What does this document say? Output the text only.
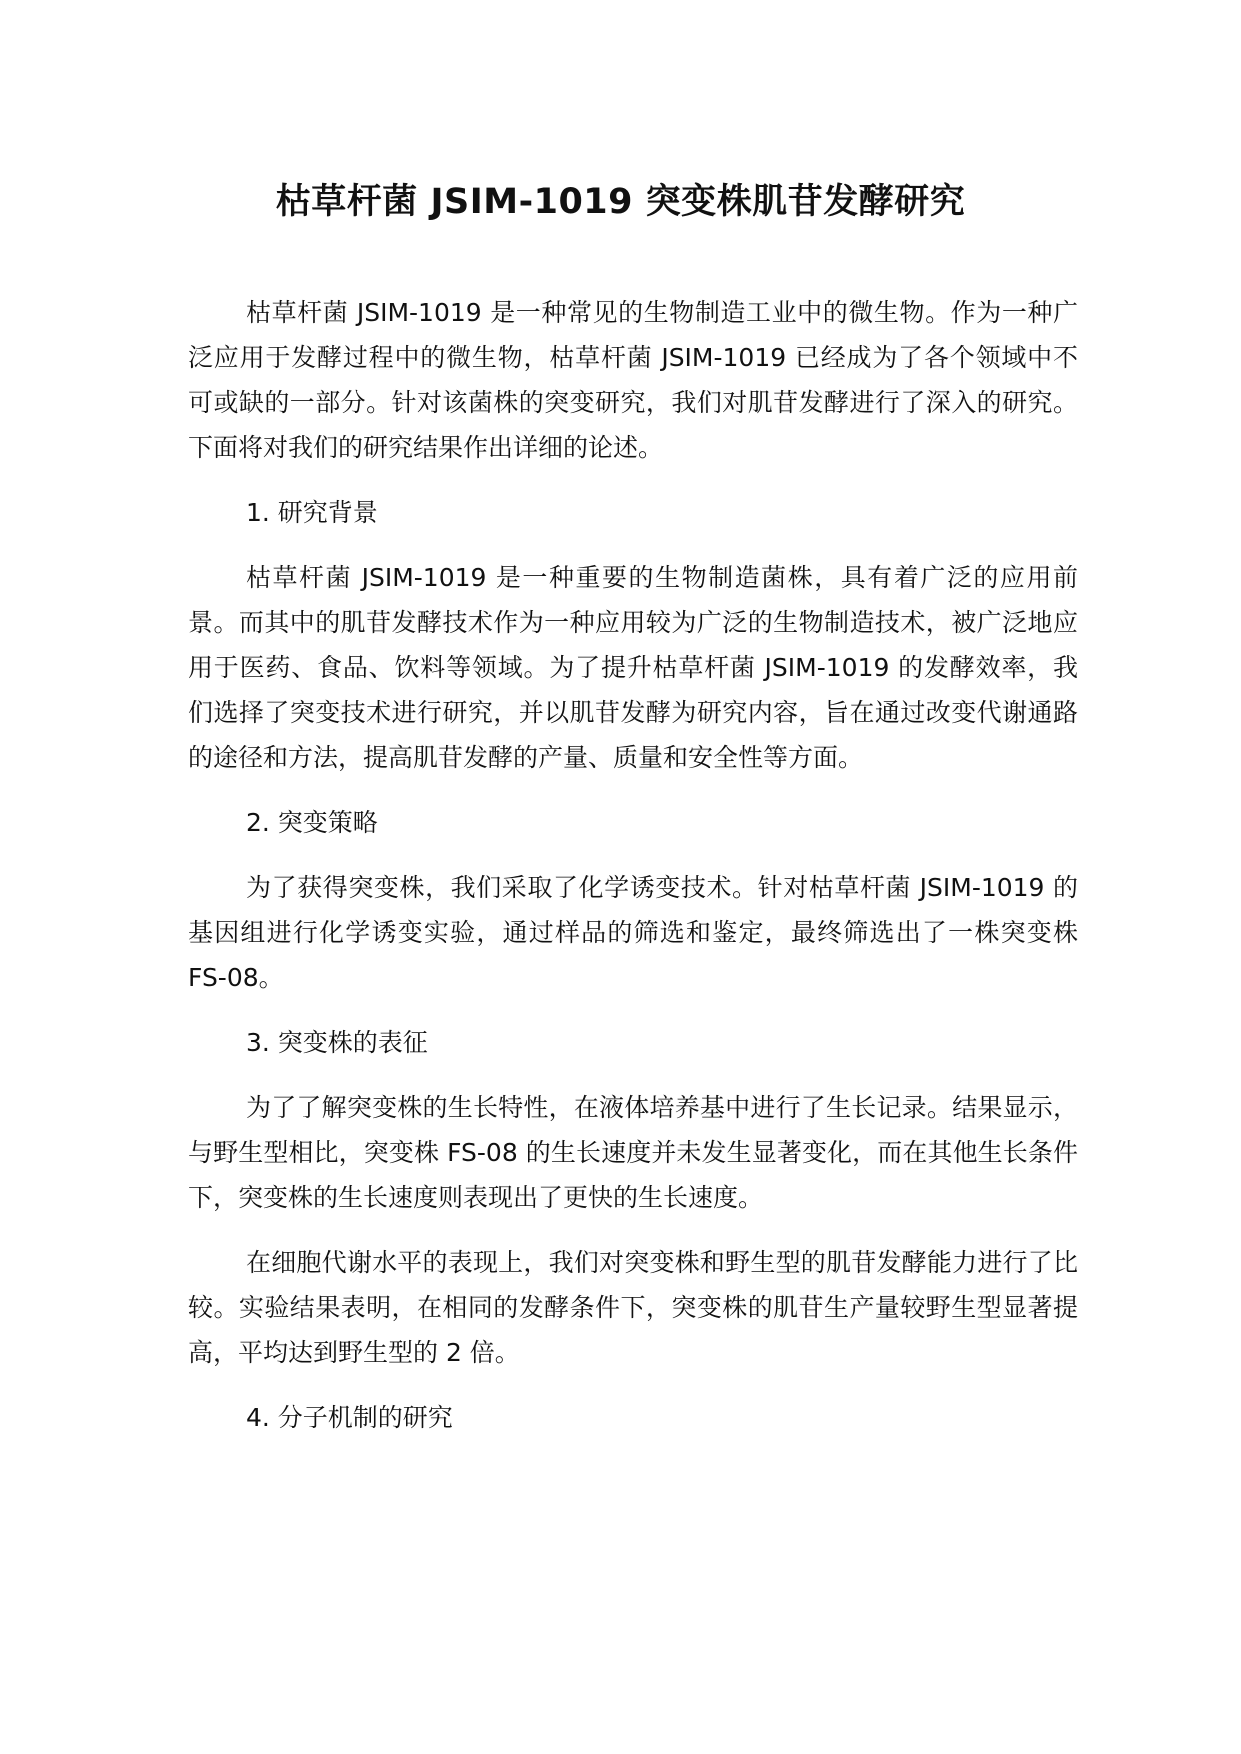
枯草杆菌 JSIM-1019 突变株肌苷发酵研究

枯草杆菌 JSIM-1019 是一种常见的生物制造工业中的微生物。作为一种广泛应用于发酵过程中的微生物，枯草杆菌 JSIM-1019 已经成为了各个领域中不可或缺的一部分。针对该菌株的突变研究，我们对肌苷发酵进行了深入的研究。下面将对我们的研究结果作出详细的论述。

1. 研究背景

枯草杆菌 JSIM-1019 是一种重要的生物制造菌株，具有着广泛的应用前景。而其中的肌苷发酵技术作为一种应用较为广泛的生物制造技术，被广泛地应用于医药、食品、饮料等领域。为了提升枯草杆菌 JSIM-1019 的发酵效率，我们选择了突变技术进行研究，并以肌苷发酵为研究内容，旨在通过改变代谢通路的途径和方法，提高肌苷发酵的产量、质量和安全性等方面。

2. 突变策略

为了获得突变株，我们采取了化学诱变技术。针对枯草杆菌 JSIM-1019 的基因组进行化学诱变实验，通过样品的筛选和鉴定，最终筛选出了一株突变株 FS-08。

3. 突变株的表征

为了了解突变株的生长特性，在液体培养基中进行了生长记录。结果显示，与野生型相比，突变株 FS-08 的生长速度并未发生显著变化，而在其他生长条件下，突变株的生长速度则表现出了更快的生长速度。

在细胞代谢水平的表现上，我们对突变株和野生型的肌苷发酵能力进行了比较。实验结果表明，在相同的发酵条件下，突变株的肌苷生产量较野生型显著提高，平均达到野生型的 2 倍。

4. 分子机制的研究
